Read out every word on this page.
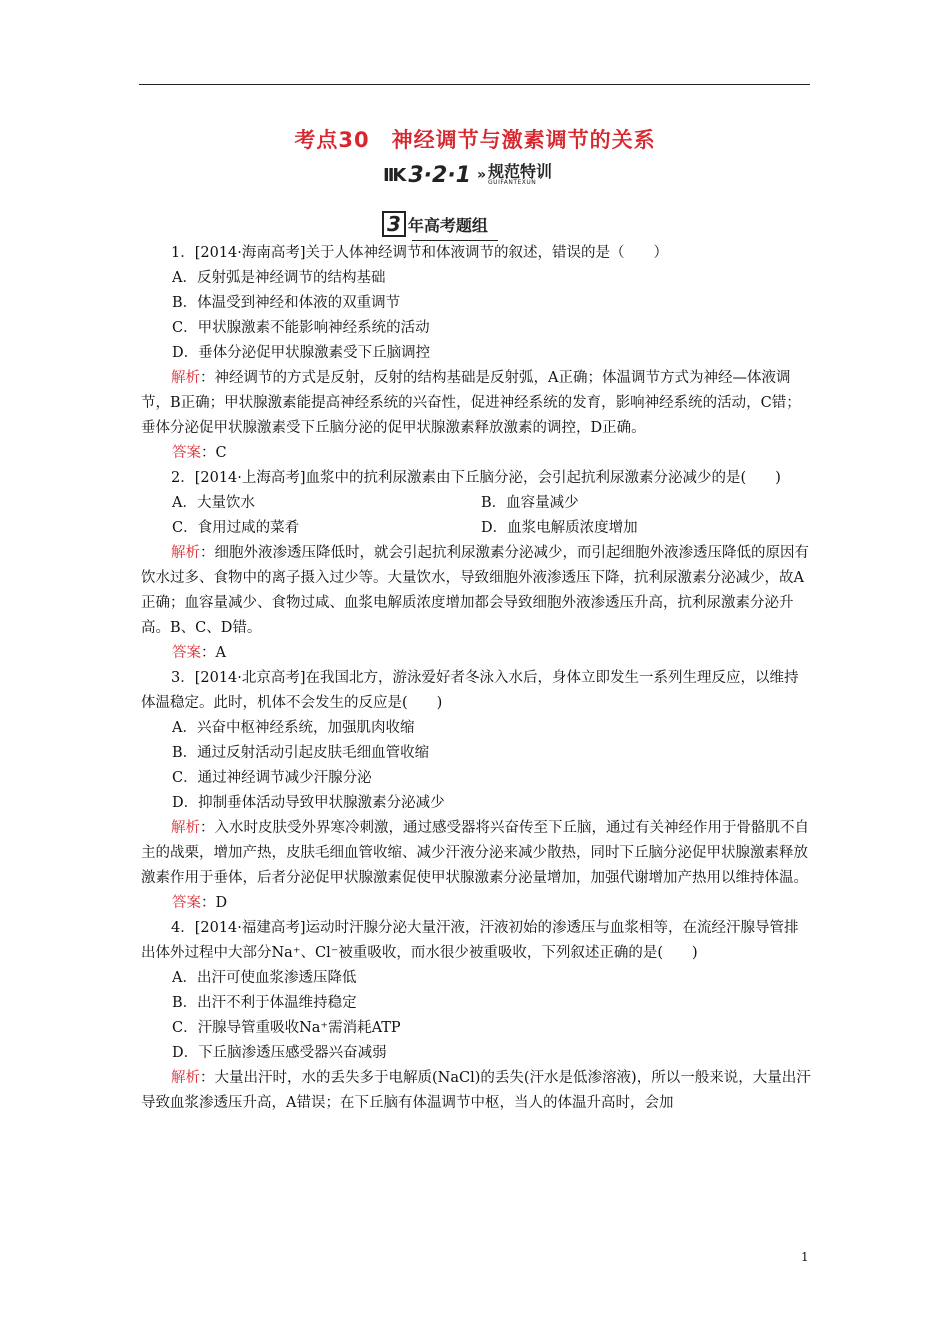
考点30　神经调节与激素调节的关系
IIK 3·2·1 » 规范特训
GUIFANTEXUN
3 年高考题组

1．[2014·海南高考]关于人体神经调节和体液调节的叙述，错误的是（　　）

A．反射弧是神经调节的结构基础

B．体温受到神经和体液的双重调节

C．甲状腺激素不能影响神经系统的活动

D．垂体分泌促甲状腺激素受下丘脑调控

解析：神经调节的方式是反射，反射的结构基础是反射弧，A正确；体温调节方式为神经—体液调节，B正确；甲状腺激素能提高神经系统的兴奋性，促进神经系统的发育，影响神经系统的活动，C错；垂体分泌促甲状腺激素受下丘脑分泌的促甲状腺激素释放激素的调控，D正确。

答案：C

2．[2014·上海高考]血浆中的抗利尿激素由下丘脑分泌，会引起抗利尿激素分泌减少的是(　　)

A．大量饮水	B．血容量减少
C．食用过咸的菜肴	D．血浆电解质浓度增加

解析：细胞外液渗透压降低时，就会引起抗利尿激素分泌减少，而引起细胞外液渗透压降低的原因有饮水过多、食物中的离子摄入过少等。大量饮水，导致细胞外液渗透压下降，抗利尿激素分泌减少，故A正确；血容量减少、食物过咸、血浆电解质浓度增加都会导致细胞外液渗透压升高，抗利尿激素分泌升高。B、C、D错。

答案：A

3．[2014·北京高考]在我国北方，游泳爱好者冬泳入水后，身体立即发生一系列生理反应，以维持体温稳定。此时，机体不会发生的反应是(　　)

A．兴奋中枢神经系统，加强肌肉收缩

B．通过反射活动引起皮肤毛细血管收缩

C．通过神经调节减少汗腺分泌

D．抑制垂体活动导致甲状腺激素分泌减少

解析：入水时皮肤受外界寒冷刺激，通过感受器将兴奋传至下丘脑，通过有关神经作用于骨骼肌不自主的战栗，增加产热，皮肤毛细血管收缩、减少汗液分泌来减少散热，同时下丘脑分泌促甲状腺激素释放激素作用于垂体，后者分泌促甲状腺激素促使甲状腺激素分泌量增加，加强代谢增加产热用以维持体温。

答案：D

4．[2014·福建高考]运动时汗腺分泌大量汗液，汗液初始的渗透压与血浆相等，在流经汗腺导管排出体外过程中大部分Na⁺、Cl⁻被重吸收，而水很少被重吸收，下列叙述正确的是(　　)

A．出汗可使血浆渗透压降低

B．出汗不利于体温维持稳定

C．汗腺导管重吸收Na⁺需消耗ATP

D．下丘脑渗透压感受器兴奋减弱

解析：大量出汗时，水的丢失多于电解质(NaCl)的丢失(汗水是低渗溶液)，所以一般来说，大量出汗导致血浆渗透压升高，A错误；在下丘脑有体温调节中枢，当人的体温升高时，会加

1
